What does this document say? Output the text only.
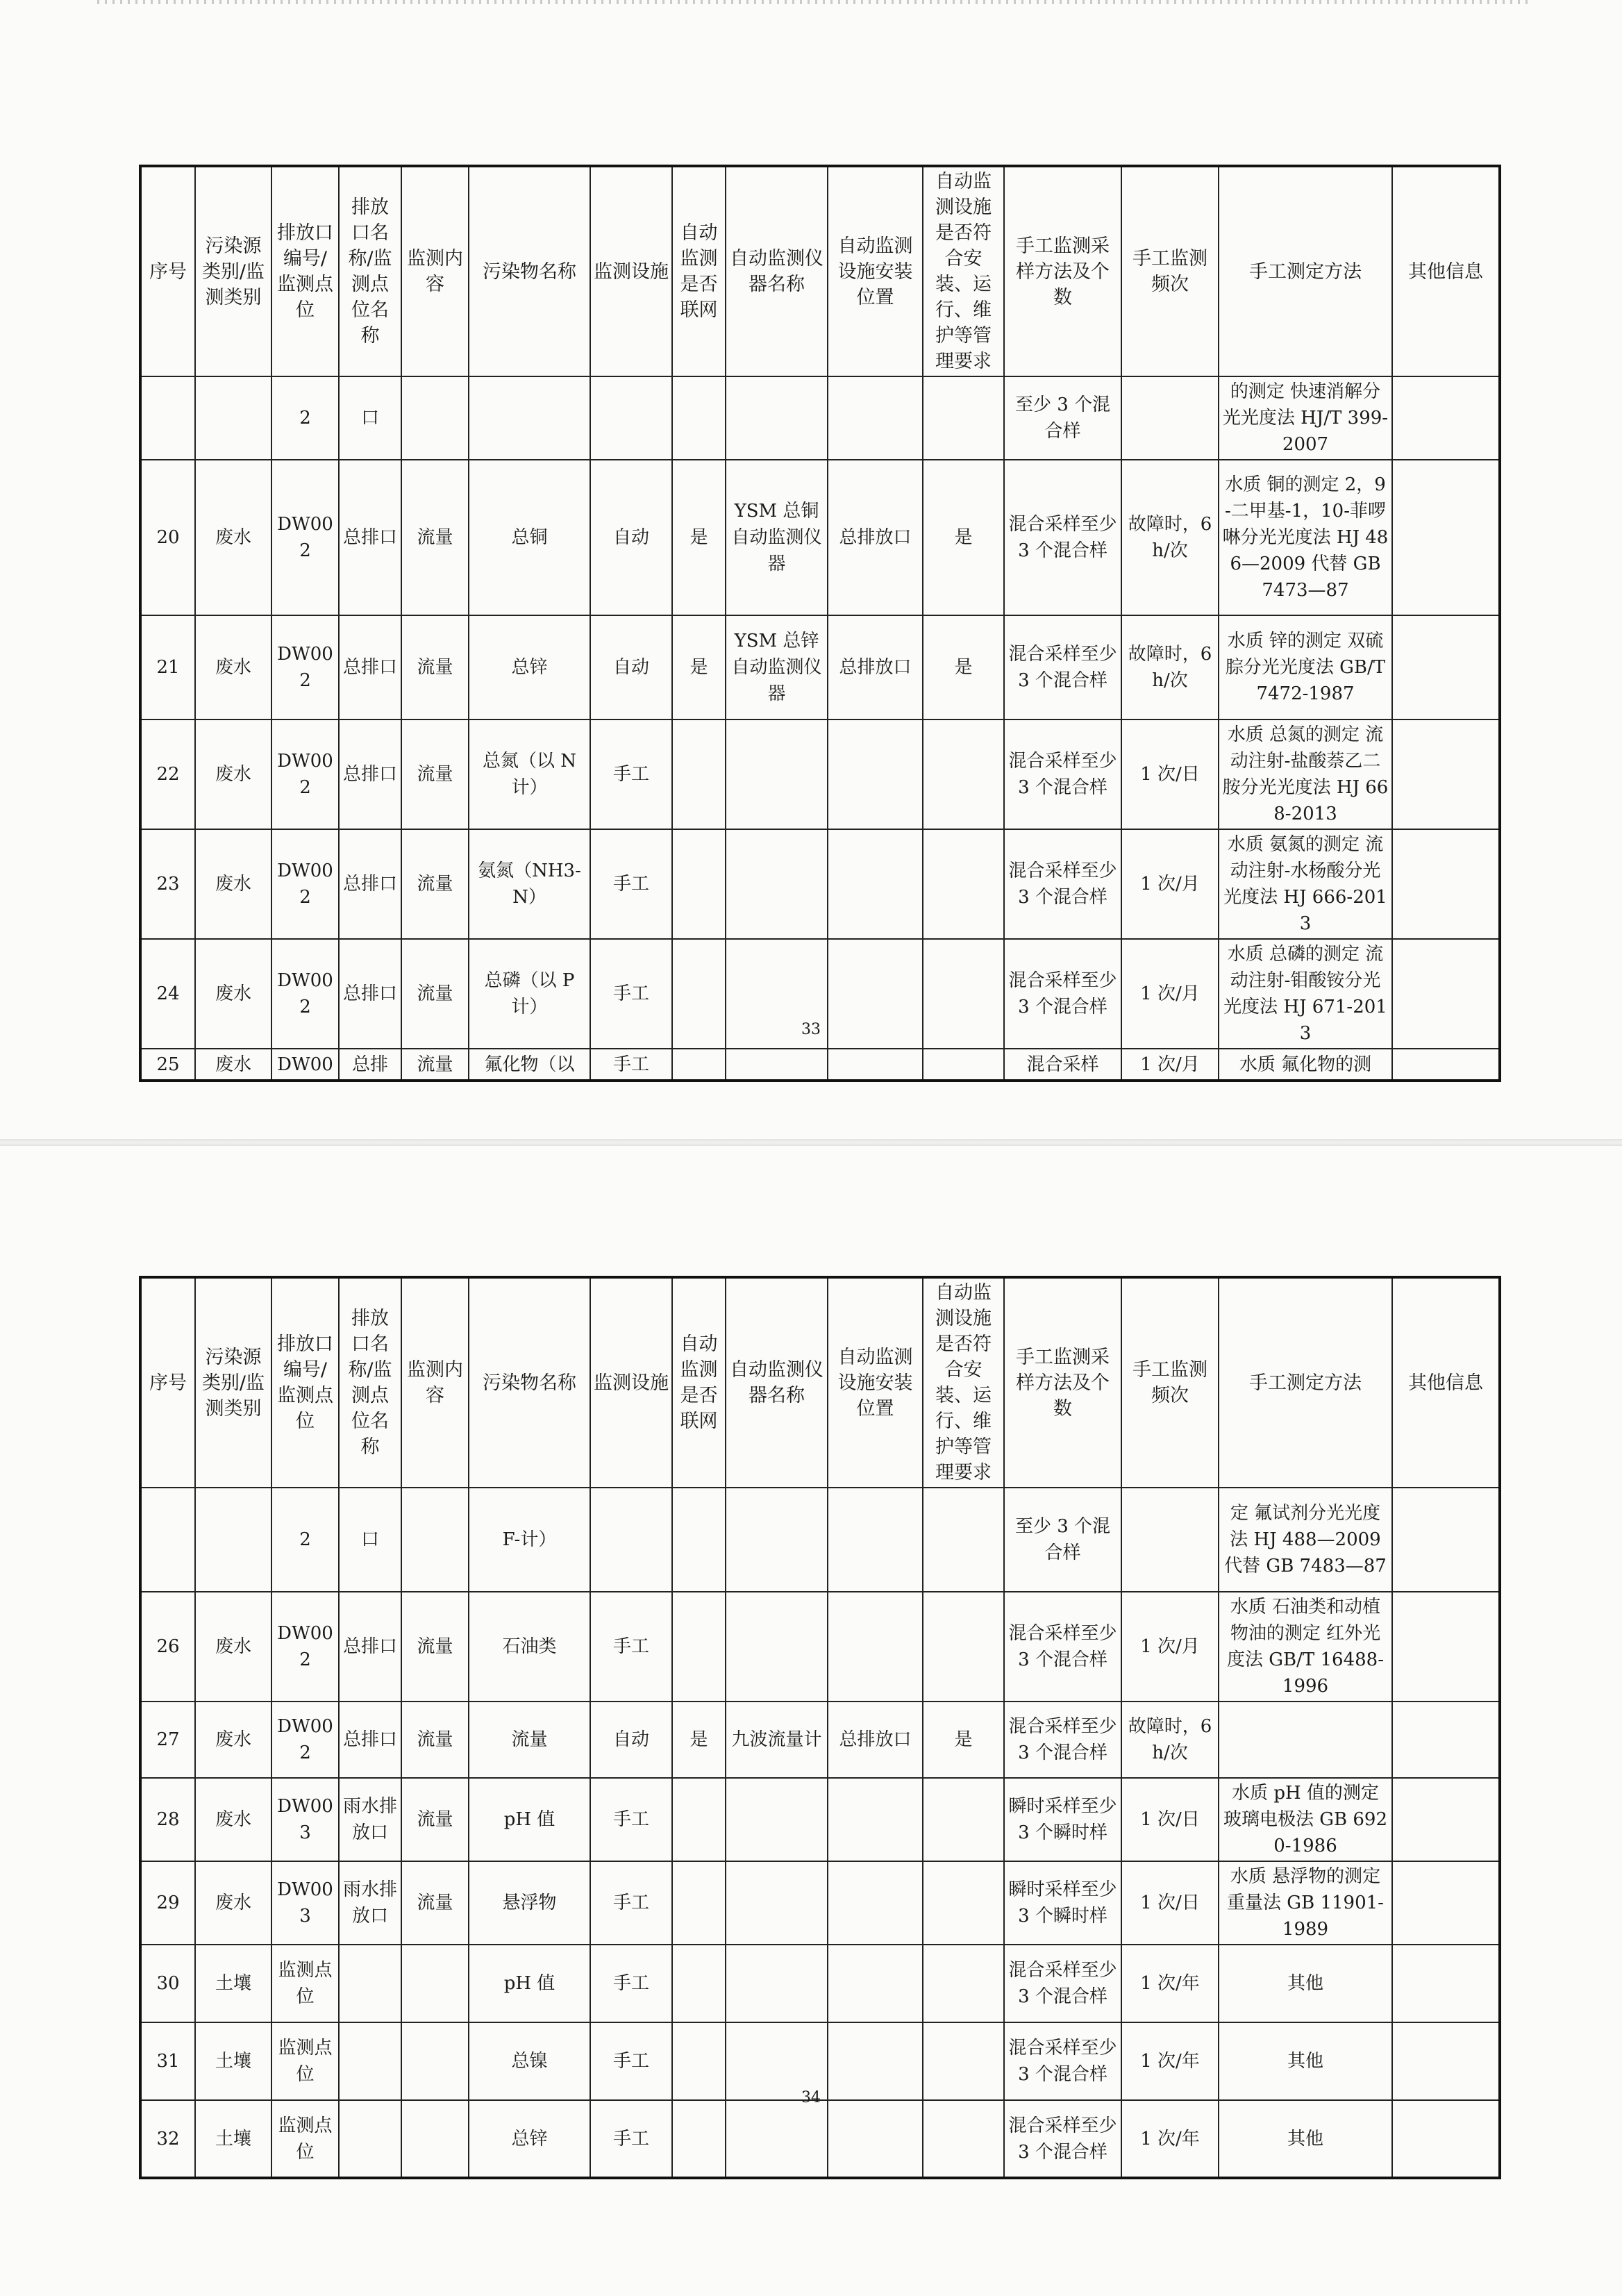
序号	污染源类别/监测类别	排放口编号/监测点位	排放口名称/监测点位名称	监测内容	污染物名称	监测设施	自动监测是否联网	自动监测仪器名称	自动监测设施安装位置	自动监测设施是否符合安装、运行、维护等管理要求	手工监测采样方法及个数	手工监测频次	手工测定方法	其他信息
		2	口								至少 3 个混合样		的测定 快速消解分光光度法 HJ/T 399-2007	
20	废水	DW002	总排口	流量	总铜	自动	是	YSM 总铜自动监测仪器	总排放口	是	混合采样至少 3 个混合样	故障时，6h/次	水质 铜的测定 2，9-二甲基-1，10-菲啰啉分光光度法 HJ 486—2009 代替 GB 7473—87	
21	废水	DW002	总排口	流量	总锌	自动	是	YSM 总锌自动监测仪器	总排放口	是	混合采样至少 3 个混合样	故障时，6h/次	水质 锌的测定 双硫腙分光光度法 GB/T 7472-1987	
22	废水	DW002	总排口	流量	总氮（以 N 计）	手工					混合采样至少 3 个混合样	1 次/日	水质 总氮的测定 流动注射-盐酸萘乙二胺分光光度法 HJ 668-2013	
23	废水	DW002	总排口	流量	氨氮（NH3-N）	手工					混合采样至少 3 个混合样	1 次/月	水质 氨氮的测定 流动注射-水杨酸分光光度法 HJ 666-2013	
24	废水	DW002	总排口	流量	总磷（以 P 计）	手工					混合采样至少 3 个混合样	1 次/月	水质 总磷的测定 流动注射-钼酸铵分光光度法 HJ 671-2013	
25	废水	DW00	总排	流量	氟化物（以	手工					混合采样	1 次/月	水质 氟化物的测	
33
序号	污染源类别/监测类别	排放口编号/监测点位	排放口名称/监测点位名称	监测内容	污染物名称	监测设施	自动监测是否联网	自动监测仪器名称	自动监测设施安装位置	自动监测设施是否符合安装、运行、维护等管理要求	手工监测采样方法及个数	手工监测频次	手工测定方法	其他信息
		2	口		F-计）						至少 3 个混合样		定 氟试剂分光光度法 HJ 488—2009 代替 GB 7483—87	
26	废水	DW002	总排口	流量	石油类	手工					混合采样至少 3 个混合样	1 次/月	水质 石油类和动植物油的测定 红外光度法 GB/T 16488-1996	
27	废水	DW002	总排口	流量	流量	自动	是	九波流量计	总排放口	是	混合采样至少 3 个混合样	故障时，6h/次		
28	废水	DW003	雨水排放口	流量	pH 值	手工					瞬时采样至少 3 个瞬时样	1 次/日	水质 pH 值的测定 玻璃电极法 GB 6920-1986	
29	废水	DW003	雨水排放口	流量	悬浮物	手工					瞬时采样至少 3 个瞬时样	1 次/日	水质 悬浮物的测定 重量法 GB 11901-1989	
30	土壤	监测点位			pH 值	手工					混合采样至少 3 个混合样	1 次/年	其他	
31	土壤	监测点位			总镍	手工					混合采样至少 3 个混合样	1 次/年	其他	
32	土壤	监测点位			总锌	手工					混合采样至少 3 个混合样	1 次/年	其他	
34
